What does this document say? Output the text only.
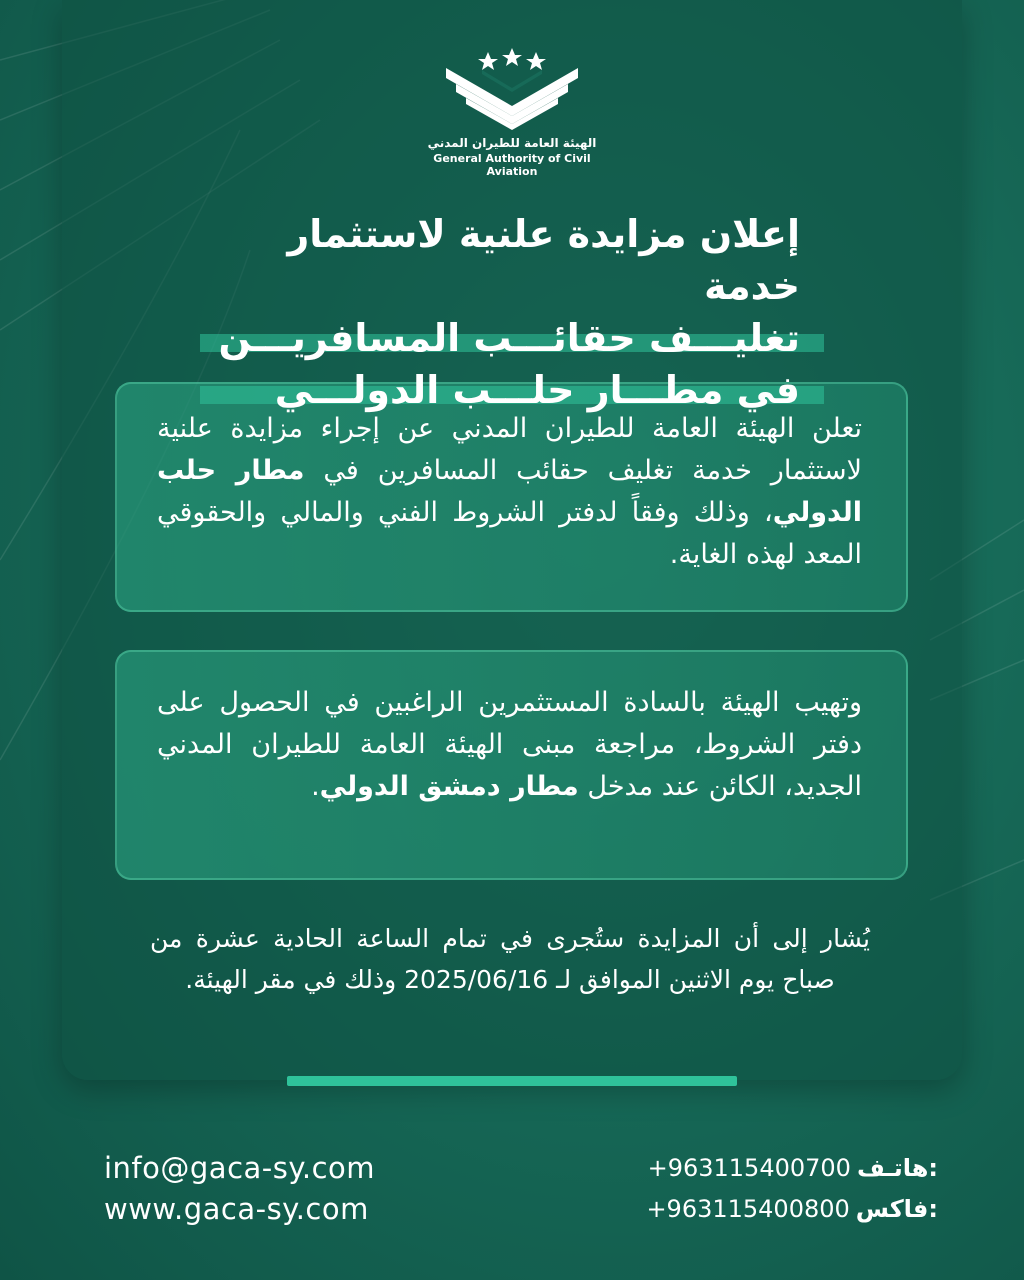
الهيئة العامة للطيران المدني
General Authority of Civil Aviation
إعلان مزايدة علنية لاستثمار خدمة
تغليـــف حقائـــب المسافريـــن
في مطـــار حلـــب الدولـــي
تعلن الهيئة العامة للطيران المدني عن إجراء مزايدة علنية لاستثمار خدمة تغليف حقائب المسافرين في مطار حلب الدولي، وذلك وفقاً لدفتر الشروط الفني والمالي والحقوقي المعد لهذه الغاية.
وتهيب الهيئة بالسادة المستثمرين الراغبين في الحصول على دفتر الشروط، مراجعة مبنى الهيئة العامة للطيران المدني الجديد، الكائن عند مدخل مطار دمشق الدولي.
يُشار إلى أن المزايدة ستُجرى في تمام الساعة الحادية عشرة من صباح يوم الاثنين الموافق لـ 2025/06/16 وذلك في مقر الهيئة.
info@gaca-sy.com
www.gaca-sy.com
+963115400700 هاتـف:
+963115400800 فاكس:
